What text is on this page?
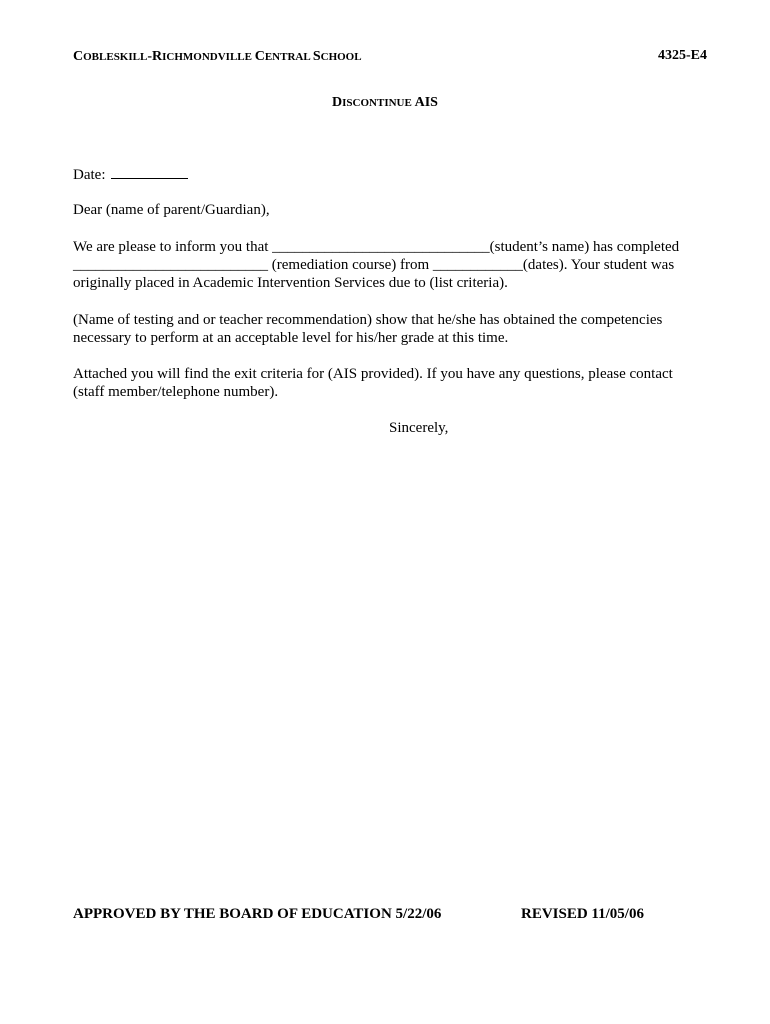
COBLESKILL-RICHMONDVILLE CENTRAL SCHOOL	4325-E4
DISCONTINUE AIS
Date:
Dear (name of parent/Guardian),
We are please to inform you that _____________________________(student’s name) has completed
__________________________ (remediation course) from ____________(dates). Your student was
originally placed in Academic Intervention Services due to (list criteria).
(Name of testing and or teacher recommendation) show that he/she has obtained the competencies
necessary to perform at an acceptable level for his/her grade at this time.
Attached you will find the exit criteria for (AIS provided). If you have any questions, please contact
(staff member/telephone number).
Sincerely,
APPROVED BY THE BOARD OF EDUCATION 5/22/06	REVISED 11/05/06
